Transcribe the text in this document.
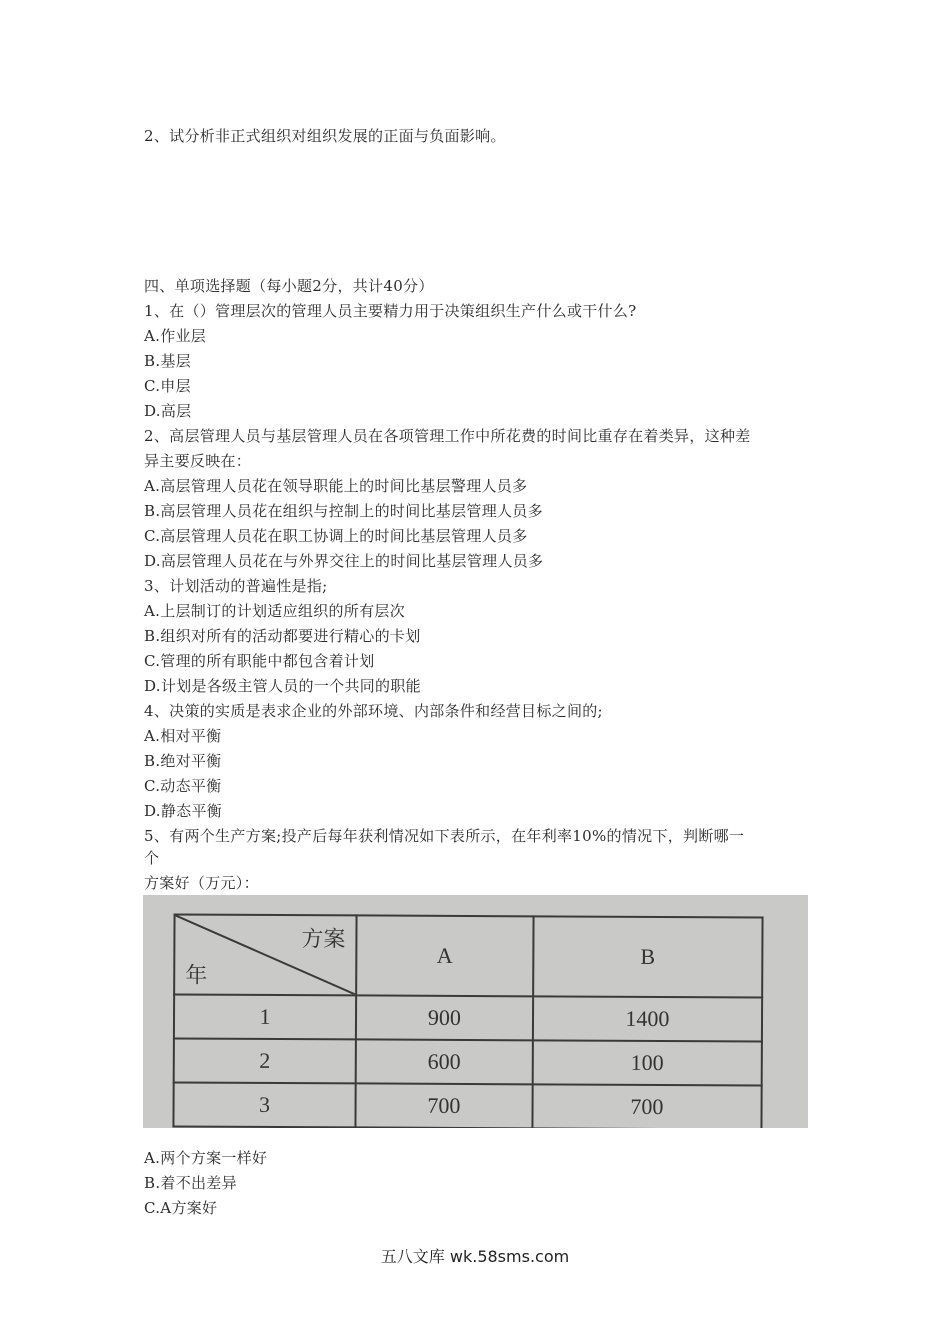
2、试分析非正式组织对组织发展的正面与负面影响。
四、单项选择题（每小题2分，共计40分）
1、在（）管理层次的管理人员主要精力用于决策组织生产什么或干什么?
A.作业层
B.基层
C.申层
D.高层
2、高层管理人员与基层管理人员在各项管理工作中所花费的时间比重存在着类异，这种差
异主要反映在：
A.高层管理人员花在领导职能上的时间比基层警理人员多
B.高层管理人员花在组织与控制上的时间比基层管理人员多
C.高层管理人员花在职工协调上的时间比基层管理人员多
D.高层管理人员花在与外界交往上的时间比基层管理人员多
3、计划活动的普遍性是指;
A.上层制订的计划适应组织的所有层次
B.组织对所有的活动都要进行精心的卡划
C.管理的所有职能中都包含着计划
D.计划是各级主管人员的一个共同的职能
4、决策的实质是表求企业的外部环境、内部条件和经营目标之间的;
A.相对平衡
B.绝对平衡
C.动态平衡
D.静态平衡
5、有两个生产方案;投产后每年获利情况如下表所示，在年利率10%的情况下，判断哪一
个
方案好（万元）：
方案
年	A	B
1	900	1400
2	600	100
3	700	700
A.两个方案一样好
B.着不出差异
C.A方案好
五八文库 wk.58sms.com
